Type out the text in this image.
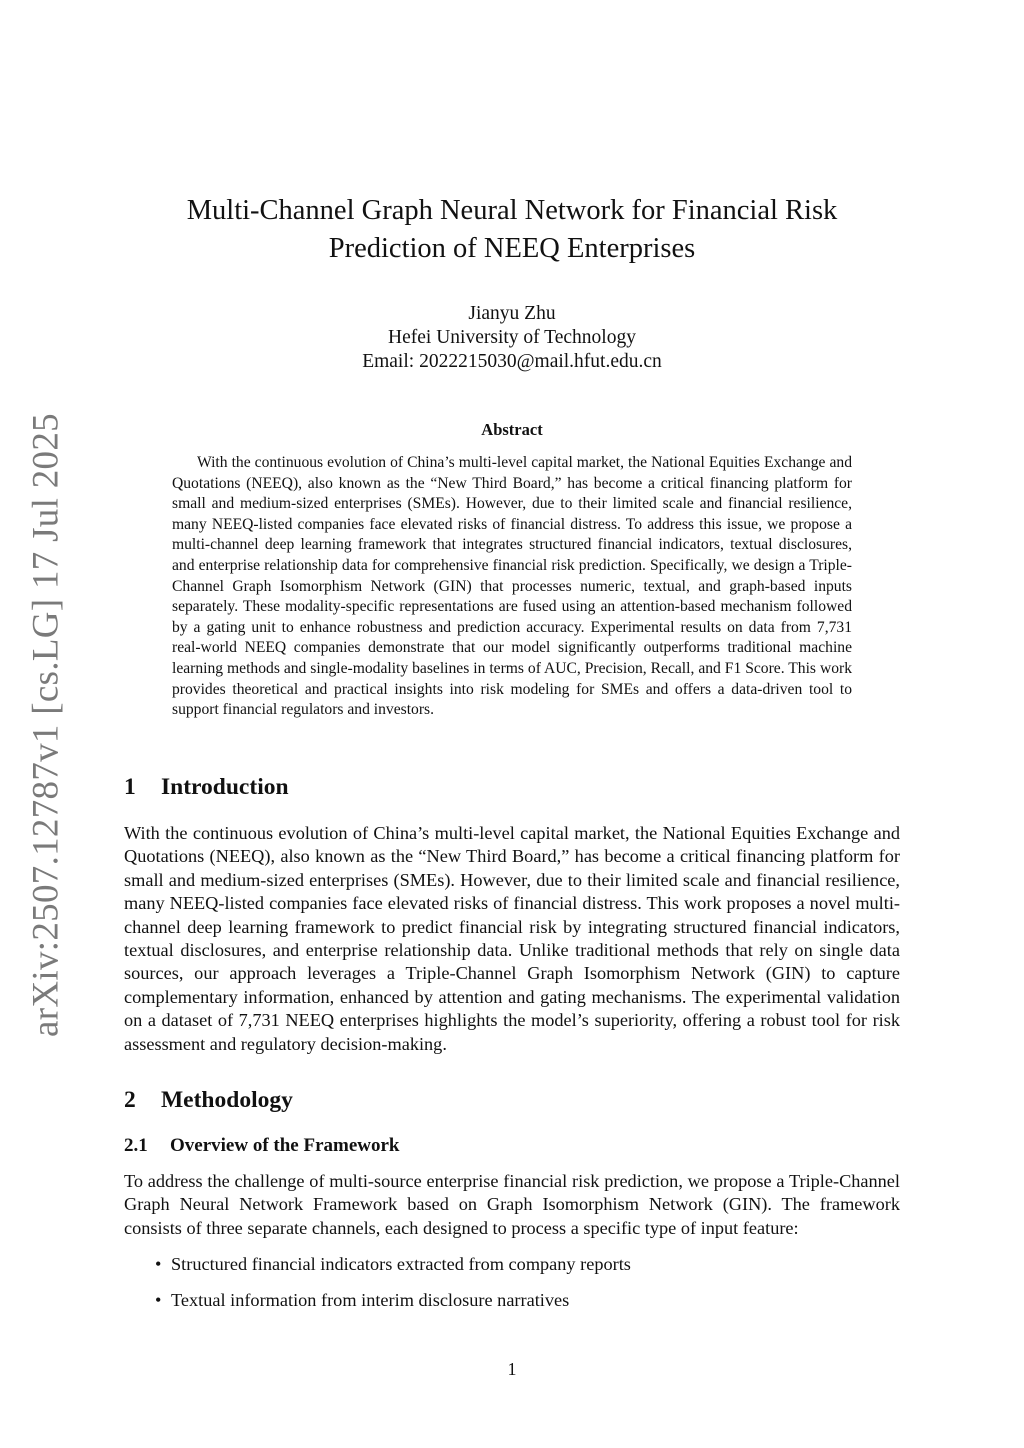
arXiv:2507.12787v1 [cs.LG] 17 Jul 2025
Multi-Channel Graph Neural Network for Financial Risk
Prediction of NEEQ Enterprises
Jianyu Zhu
Hefei University of Technology
Email: 2022215030@mail.hfut.edu.cn
Abstract

With the continuous evolution of China’s multi-level capital market, the National Equities Exchange and Quotations (NEEQ), also known as the “New Third Board,” has become a critical financing platform for small and medium-sized enterprises (SMEs). However, due to their limited scale and financial resilience, many NEEQ-listed companies face elevated risks of financial distress. To address this issue, we propose a multi-channel deep learning framework that integrates structured financial indicators, textual disclosures, and enterprise relationship data for comprehensive financial risk prediction. Specifically, we design a Triple-Channel Graph Isomorphism Network (GIN) that processes numeric, textual, and graph-based inputs separately. These modality-specific representations are fused using an attention-based mechanism followed by a gating unit to enhance robustness and prediction accuracy. Experimental results on data from 7,731 real-world NEEQ companies demonstrate that our model significantly outperforms traditional machine learning methods and single-modality baselines in terms of AUC, Precision, Recall, and F1 Score. This work provides theoretical and practical insights into risk modeling for SMEs and offers a data-driven tool to support financial regulators and investors.

1 Introduction

With the continuous evolution of China’s multi-level capital market, the National Equities Exchange and Quotations (NEEQ), also known as the “New Third Board,” has become a critical financing platform for small and medium-sized enterprises (SMEs). However, due to their limited scale and financial resilience, many NEEQ-listed companies face elevated risks of financial distress. This work proposes a novel multi-channel deep learning framework to predict financial risk by integrating structured financial indicators, textual disclosures, and enterprise relationship data. Unlike traditional methods that rely on single data sources, our approach leverages a Triple-Channel Graph Isomorphism Network (GIN) to capture complementary information, enhanced by attention and gating mechanisms. The experimental validation on a dataset of 7,731 NEEQ enterprises highlights the model’s superiority, offering a robust tool for risk assessment and regulatory decision-making.

2 Methodology
2.1 Overview of the Framework

To address the challenge of multi-source enterprise financial risk prediction, we propose a Triple-Channel Graph Neural Network Framework based on Graph Isomorphism Network (GIN). The framework consists of three separate channels, each designed to process a specific type of input feature:

• Structured financial indicators extracted from company reports
• Textual information from interim disclosure narratives
1
